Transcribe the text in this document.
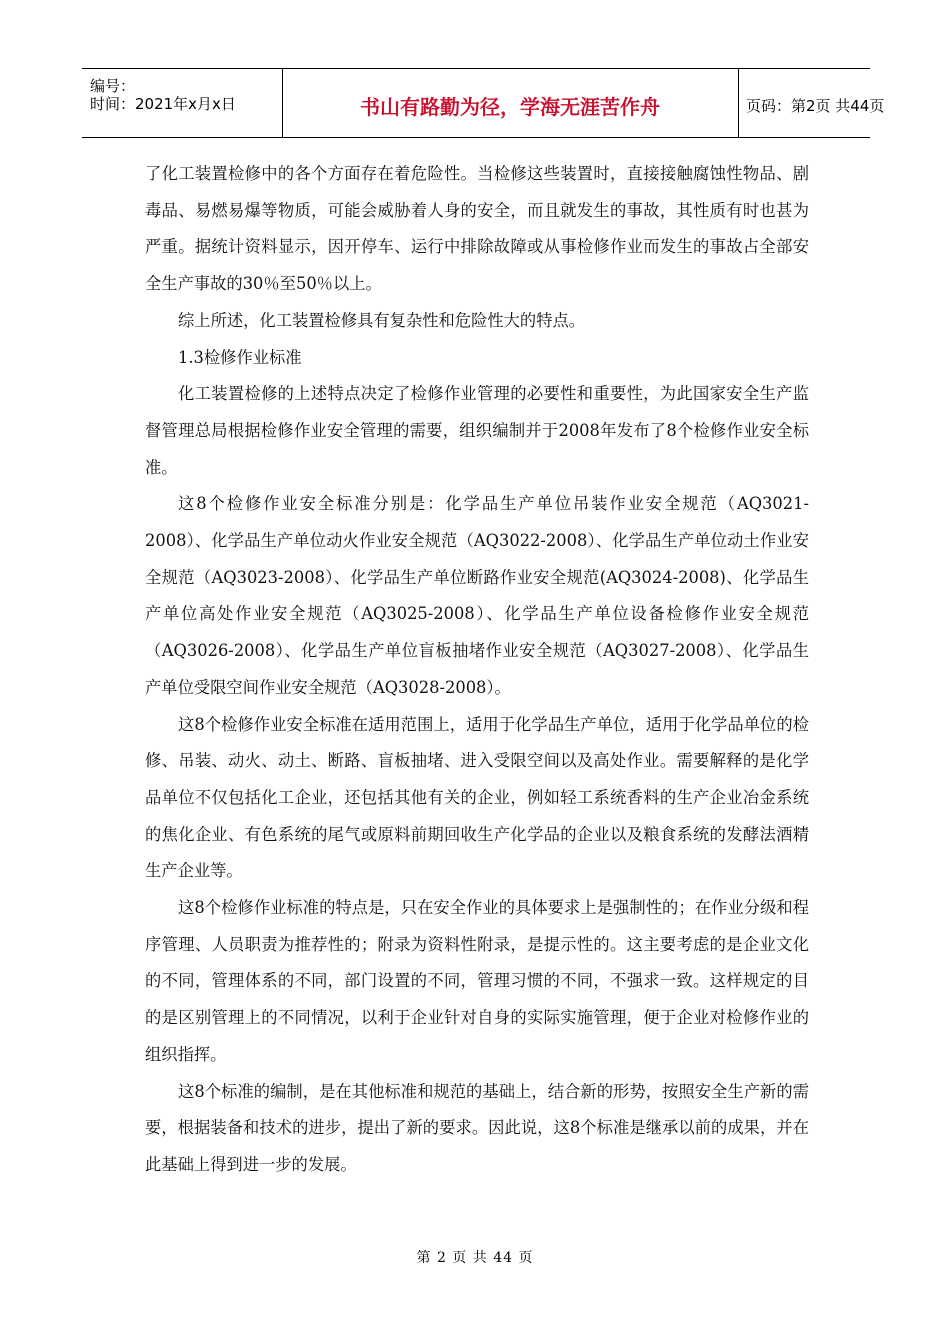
编号：
时间：2021年x月x日	书山有路勤为径，学海无涯苦作舟	页码：第2页 共44页

了化工装置检修中的各个方面存在着危险性。当检修这些装置时，直接接触腐蚀性物品、剧毒品、易燃易爆等物质，可能会威胁着人身的安全，而且就发生的事故，其性质有时也甚为严重。据统计资料显示，因开停车、运行中排除故障或从事检修作业而发生的事故占全部安全生产事故的30％至50％以上。

综上所述，化工装置检修具有复杂性和危险性大的特点。

1.3检修作业标准

化工装置检修的上述特点决定了检修作业管理的必要性和重要性，为此国家安全生产监督管理总局根据检修作业安全管理的需要，组织编制并于2008年发布了8个检修作业安全标准。

这8个检修作业安全标准分别是：化学品生产单位吊装作业安全规范（AQ3021-2008）、化学品生产单位动火作业安全规范（AQ3022-2008）、化学品生产单位动土作业安全规范（AQ3023-2008）、化学品生产单位断路作业安全规范(AQ3024-2008)、化学品生产单位高处作业安全规范（AQ3025-2008）、化学品生产单位设备检修作业安全规范（AQ3026-2008）、化学品生产单位盲板抽堵作业安全规范（AQ3027-2008）、化学品生产单位受限空间作业安全规范（AQ3028-2008）。

这8个检修作业安全标准在适用范围上，适用于化学品生产单位，适用于化学品单位的检修、吊装、动火、动土、断路、盲板抽堵、进入受限空间以及高处作业。需要解释的是化学品单位不仅包括化工企业，还包括其他有关的企业，例如轻工系统香料的生产企业冶金系统的焦化企业、有色系统的尾气或原料前期回收生产化学品的企业以及粮食系统的发酵法酒精生产企业等。

这8个检修作业标准的特点是，只在安全作业的具体要求上是强制性的；在作业分级和程序管理、人员职责为推荐性的；附录为资料性附录，是提示性的。这主要考虑的是企业文化的不同，管理体系的不同，部门设置的不同，管理习惯的不同，不强求一致。这样规定的目的是区别管理上的不同情况，以利于企业针对自身的实际实施管理，便于企业对检修作业的组织指挥。

这8个标准的编制，是在其他标准和规范的基础上，结合新的形势，按照安全生产新的需要，根据装备和技术的进步，提出了新的要求。因此说，这8个标准是继承以前的成果，并在此基础上得到进一步的发展。

第 2 页 共 44 页
